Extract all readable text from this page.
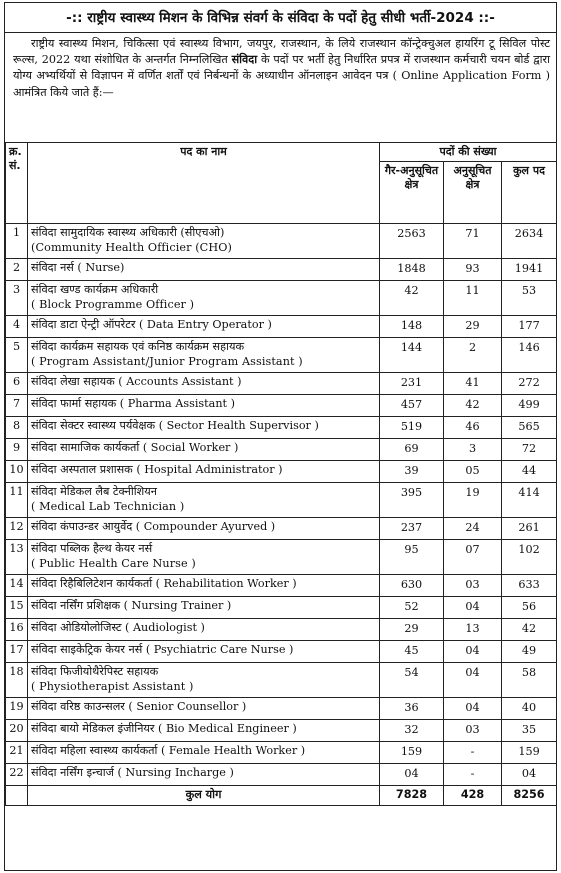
-:: राष्ट्रीय स्वास्थ्य मिशन के विभिन्न संवर्ग के संविदा के पदों हेतु सीधी भर्ती-2024 ::-
राष्ट्रीय स्वास्थ्य मिशन, चिकित्सा एवं स्वास्थ्य विभाग, जयपुर, राजस्थान, के लिये राजस्थान कॉन्ट्रेक्चुअल हायरिंग टू सिविल पोस्ट रूल्स, 2022 यथा संशोधित के अन्तर्गत निम्नलिखित संविदा के पदों पर भर्ती हेतु निर्धारित प्रपत्र में राजस्थान कर्मचारी चयन बोर्ड द्वारा योग्य अभ्यर्थियों से विज्ञापन में वर्णित शर्तों एवं निर्बन्धनों के अध्याधीन ऑनलाइन आवेदन पत्र ( Online Application Form ) आमंत्रित किये जाते हैं:—
क्र. सं.	पद का नाम	पदों की संख्या		
		गैर-अनुसूचित क्षेत्र	अनुसूचित क्षेत्र	कुल पद
1	संविदा सामुदायिक स्वास्थ्य अधिकारी (सीएचओ)
(Community Health Officier (CHO)	2563	71	2634
2	संविदा नर्स ( Nurse)	1848	93	1941
3	संविदा खण्ड कार्यक्रम अधिकारी
( Block Programme Officer )	42	11	53
4	संविदा डाटा ऐन्ट्री ऑपरेटर ( Data Entry Operator )	148	29	177
5	संविदा कार्यक्रम सहायक एवं कनिष्ठ कार्यक्रम सहायक
( Program Assistant/Junior Program Assistant )	144	2	146
6	संविदा लेखा सहायक ( Accounts Assistant )	231	41	272
7	संविदा फार्मा सहायक ( Pharma Assistant )	457	42	499
8	संविदा सेक्टर स्वास्थ्य पर्यवेक्षक ( Sector Health Supervisor )	519	46	565
9	संविदा सामाजिक कार्यकर्ता ( Social Worker )	69	3	72
10	संविदा अस्पताल प्रशासक ( Hospital Administrator )	39	05	44
11	संविदा मेडिकल लैब टेक्नीशियन
( Medical Lab Technician )	395	19	414
12	संविदा कंपाउन्डर आयुर्वेद ( Compounder Ayurved )	237	24	261
13	संविदा पब्लिक हैल्थ केयर नर्स
( Public Health Care Nurse )	95	07	102
14	संविदा रिहैबिलिटेशन कार्यकर्ता ( Rehabilitation Worker )	630	03	633
15	संविदा नर्सिंग प्रशिक्षक ( Nursing Trainer )	52	04	56
16	संविदा ओडियोलोजिस्ट ( Audiologist )	29	13	42
17	संविदा साइकेट्रिक केयर नर्स ( Psychiatric Care Nurse )	45	04	49
18	संविदा फिजीयोथैरेपिस्ट सहायक
( Physiotherapist Assistant )	54	04	58
19	संविदा वरिष्ठ काउन्सलर ( Senior Counsellor )	36	04	40
20	संविदा बायो मेडिकल इंजीनियर ( Bio Medical Engineer )	32	03	35
21	संविदा महिला स्वास्थ्य कार्यकर्ता ( Female Health Worker )	159	-	159
22	संविदा नर्सिंग इन्चार्ज ( Nursing Incharge )	04	-	04
	कुल योग	7828	428	8256
